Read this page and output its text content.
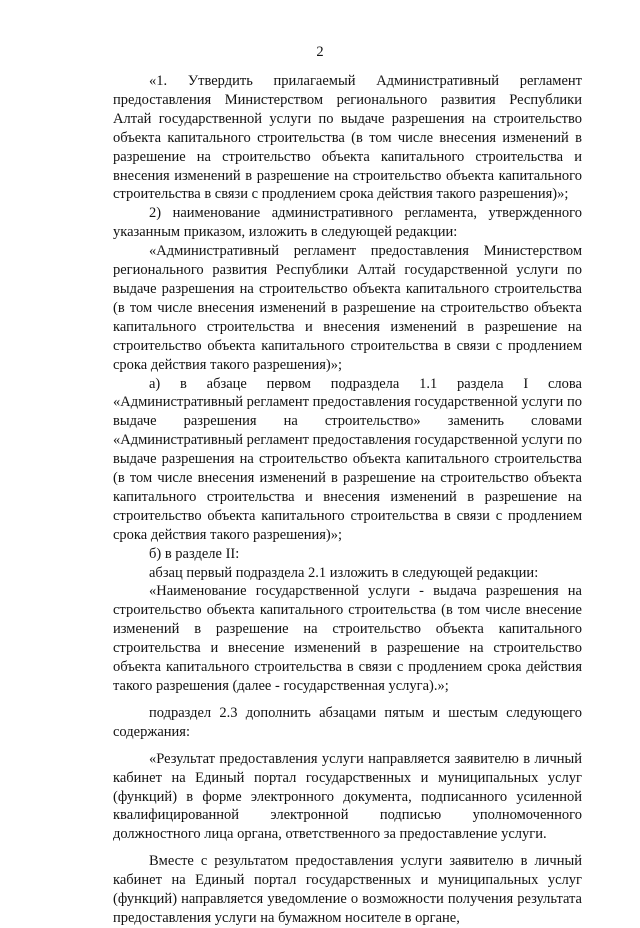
2

«1. Утвердить прилагаемый Административный регламент предоставления Министерством регионального развития Республики Алтай государственной услуги по выдаче разрешения на строительство объекта капитального строительства (в том числе внесения изменений в разрешение на строительство объекта капитального строительства и внесения изменений в разрешение на строительство объекта капитального строительства в связи с продлением срока действия такого разрешения)»;

2) наименование административного регламента, утвержденного указанным приказом, изложить в следующей редакции:

«Административный регламент предоставления Министерством регионального развития Республики Алтай государственной услуги по выдаче разрешения на строительство объекта капитального строительства (в том числе внесения изменений в разрешение на строительство объекта капитального строительства и внесения изменений в разрешение на строительство объекта капитального строительства в связи с продлением срока действия такого разрешения)»;

а) в абзаце первом подраздела 1.1 раздела I слова «Административный регламент предоставления государственной услуги по выдаче разрешения на строительство» заменить словами «Административный регламент предоставления государственной услуги по выдаче разрешения на строительство объекта капитального строительства (в том числе внесения изменений в разрешение на строительство объекта капитального строительства и внесения изменений в разрешение на строительство объекта капитального строительства в связи с продлением срока действия такого разрешения)»;

б) в разделе II:

абзац первый подраздела 2.1 изложить в следующей редакции:

«Наименование государственной услуги - выдача разрешения на строительство объекта капитального строительства (в том числе внесение изменений в разрешение на строительство объекта капитального строительства и внесение изменений в разрешение на строительство объекта капитального строительства в связи с продлением срока действия такого разрешения (далее - государственная услуга).»;

подраздел 2.3 дополнить абзацами пятым и шестым следующего содержания:

«Результат предоставления услуги направляется заявителю в личный кабинет на Единый портал государственных и муниципальных услуг (функций) в форме электронного документа, подписанного усиленной квалифицированной электронной подписью уполномоченного должностного лица органа, ответственного за предоставление услуги.

Вместе с результатом предоставления услуги заявителю в личный кабинет на Единый портал государственных и муниципальных услуг (функций) направляется уведомление о возможности получения результата предоставления услуги на бумажном носителе в органе,
